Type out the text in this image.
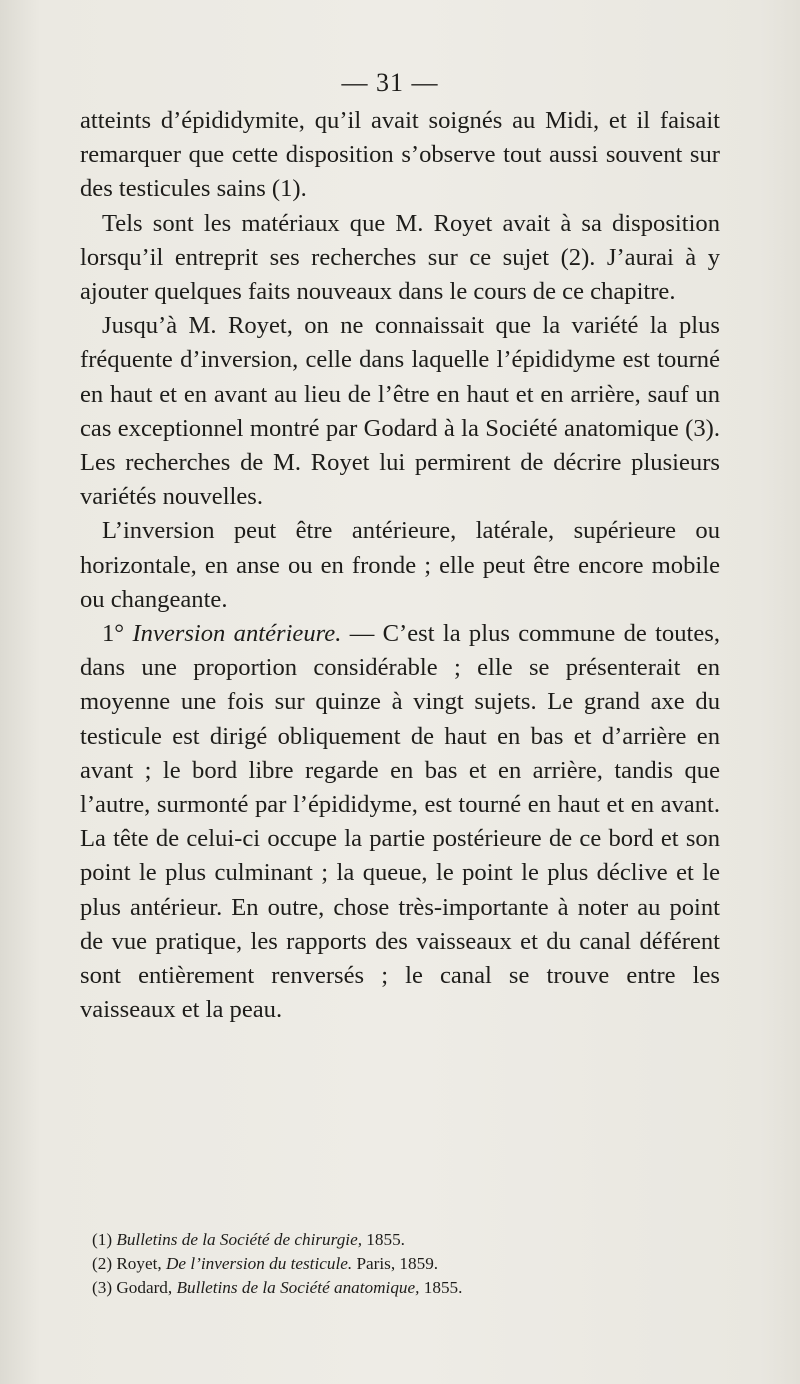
— 31 —

atteints d’épididymite, qu’il avait soignés au Midi, et il faisait remarquer que cette disposition s’observe tout aussi souvent sur des testicules sains (1).

Tels sont les matériaux que M. Royet avait à sa disposition lorsqu’il entreprit ses recherches sur ce sujet (2). J’aurai à y ajouter quelques faits nouveaux dans le cours de ce chapitre.

Jusqu’à M. Royet, on ne connaissait que la variété la plus fréquente d’inversion, celle dans laquelle l’épididyme est tourné en haut et en avant au lieu de l’être en haut et en arrière, sauf un cas exceptionnel montré par Godard à la Société anatomique (3). Les recherches de M. Royet lui permirent de décrire plusieurs variétés nouvelles.

L’inversion peut être antérieure, latérale, supérieure ou horizontale, en anse ou en fronde ; elle peut être encore mobile ou changeante.

1° Inversion antérieure. — C’est la plus commune de toutes, dans une proportion considérable ; elle se présenterait en moyenne une fois sur quinze à vingt sujets. Le grand axe du testicule est dirigé obliquement de haut en bas et d’arrière en avant ; le bord libre regarde en bas et en arrière, tandis que l’autre, surmonté par l’épididyme, est tourné en haut et en avant. La tête de celui-ci occupe la partie postérieure de ce bord et son point le plus culminant ; la queue, le point le plus déclive et le plus antérieur. En outre, chose très-importante à noter au point de vue pratique, les rapports des vaisseaux et du canal déférent sont entièrement renversés ; le canal se trouve entre les vaisseaux et la peau.

(1) Bulletins de la Société de chirurgie, 1855.

(2) Royet, De l’inversion du testicule. Paris, 1859.

(3) Godard, Bulletins de la Société anatomique, 1855.
